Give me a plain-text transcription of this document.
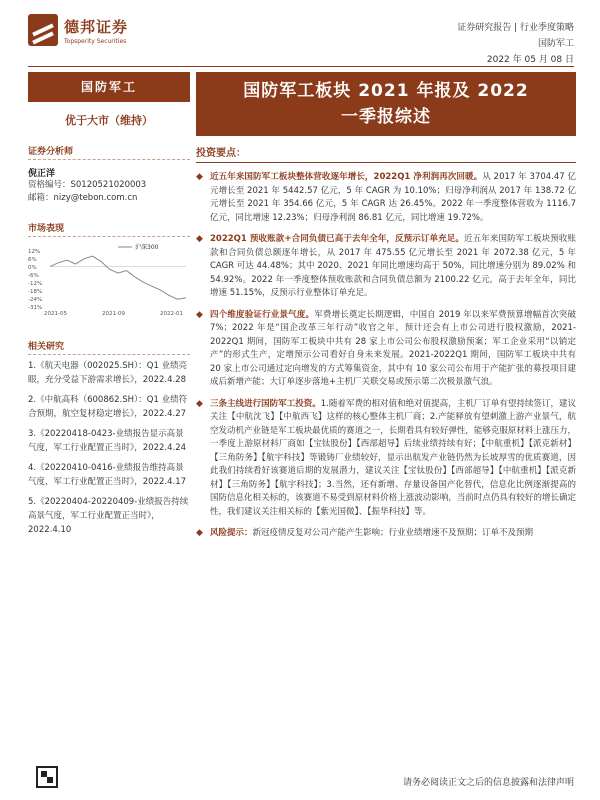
德邦证券
Topsperity Securities
证券研究报告 | 行业季度策略
国防军工
2022 年 05 月 08 日
国防军工
优于大市（维持）
证券分析师
倪正洋
资格编号：S0120521020003
邮箱：nizy@tebon.com.cn
市场表现
12%
6%
0%
-6%
-12%
-18%
-24%
-31%
2021-05	2021-09	2022-01
沪深300
相关研究
1.《航天电器（002025.SH）：Q1 业绩亮眼，充分受益下游需求增长》，2022.4.28
2.《中航高科（600862.SH）：Q1 业绩符合预期，航空复材稳定增长》，2022.4.27
3.《20220418-0423-业绩报告显示高景气度，军工行业配置正当时》，2022.4.24
4.《20220410-0416-业绩报告维持高景气度，军工行业配置正当时》，2022.4.17
5.《20220404-20220409-业绩报告持续高景气度，军工行业配置正当时》，2022.4.10
国防军工板块 2021 年报及 2022
一季报综述
投资要点：
◆ 近五年来国防军工板块整体营收逐年增长，2022Q1 净利润再次回暖。从 2017 年 3704.47 亿元增长至 2021 年 5442.57 亿元，5 年 CAGR 为 10.10%；归母净利润从 2017 年 138.72 亿元增长至 2021 年 354.66 亿元，5 年 CAGR 达 26.45%。2022 年一季度整体营收为 1116.7 亿元，同比增速 12.23%；归母净利润 86.81 亿元，同比增速 19.72%。
◆ 2022Q1 预收账款+合同负债已高于去年全年，反预示订单充足。近五年来国防军工板块预收账款和合同负债总额逐年增长，从 2017 年 475.55 亿元增长至 2021 年 2072.38 亿元，5 年 CAGR 可达 44.48%；其中 2020、2021 年同比增速均高于 50%，同比增速分别为 89.02% 和 54.92%。2022 年一季度整体预收账款和合同负债总额为 2100.22 亿元，高于去年全年，同比增速 51.15%，反预示行业整体订单充足。
◆ 四个维度验证行业景气度。军费增长奠定长期逻辑，中国自 2019 年以来军费预算增幅首次突破 7%；2022 年是“国企改革三年行动”收官之年，预计还会有上市公司进行股权激励，2021-2022Q1 期间，国防军工板块中共有 28 家上市公司公布股权激励预案；军工企业采用“以销定产”的形式生产，定增预示公司看好自身未来发展。2021-2022Q1 期间，国防军工板块中共有 20 家上市公司通过定向增发的方式筹集资金，其中有 10 家公司公布用于产能扩张的募投项目建成后新增产能；大订单逐步落地+主机厂关联交易或预示第二次极景激气浪。
◆ 三条主线进行国防军工投资。1.随着军费的相对值和绝对值提高，主机厂订单有望持续签订，建议关注【中航沈飞】【中航西飞】这样的核心整体主机厂商；2.产能释放有望刺激上游产业景气，航空发动机产业链是军工板块最优质的赛道之一，长期看具有较好弹性，能够克服原材料上涨压力，一季度上游原材料厂商如【宝钛股份】【西部超导】后续业绩持续有好；【中航重机】【派克新材】【三角防务】【航宇科技】等锻铸厂业绩较好，显示出航发产业链仍然为长坡厚雪的优质赛道，因此我们持续看好该赛道后期的发展潜力，建议关注【宝钛股份】【西部超导】【中航重机】【派克新材】【三角防务】【航宇科技】；3.当然，还有新增、存量设备国产化替代，信息化比例逐渐提高的国防信息化相关标的，该赛道不易受到原材料价格上涨波动影响，当前时点仍具有较好的增长确定性，我们建议关注相关标的【紫光国微】、【振华科技】等。
◆ 风险提示：新冠疫情反复对公司产能产生影响；行业业绩增速不及预期；订单不及预期
请务必阅读正文之后的信息披露和法律声明
